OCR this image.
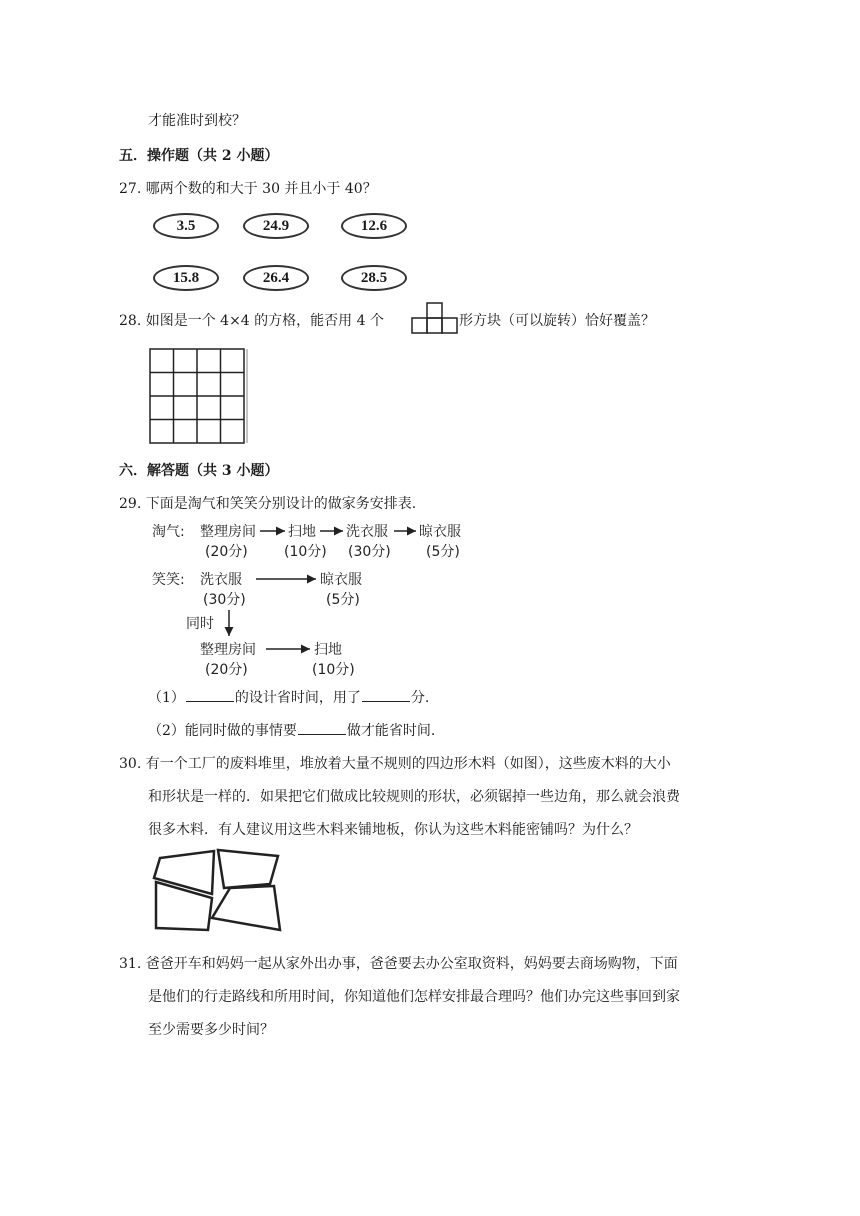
才能准时到校？
五．操作题（共 2 小题）
27. 哪两个数的和大于 30 并且小于 40？
3.5	24.9	12.6
15.8	26.4	28.5
28. 如图是一个 4×4 的方格，能否用 4 个	形方块（可以旋转）恰好覆盖？
六．解答题（共 3 小题）
29. 下面是淘气和笑笑分别设计的做家务安排表.
淘气: 整理房间
(20分)
扫地
(10分)
洗衣服
(30分)
晾衣服
(5分)
笑笑: 洗衣服
(30分)
晾衣服
(5分)
同时
整理房间
(20分)
扫地
(10分)
（1）	的设计省时间，用了	分.
（2）能同时做的事情要	做才能省时间.
30. 有一个工厂的废料堆里，堆放着大量不规则的四边形木料（如图），这些废木料的大小
和形状是一样的．如果把它们做成比较规则的形状，必须锯掉一些边角，那么就会浪费
很多木料．有人建议用这些木料来铺地板，你认为这些木料能密铺吗？为什么？
31. 爸爸开车和妈妈一起从家外出办事，爸爸要去办公室取资料，妈妈要去商场购物，下面
是他们的行走路线和所用时间，你知道他们怎样安排最合理吗？他们办完这些事回到家
至少需要多少时间？
